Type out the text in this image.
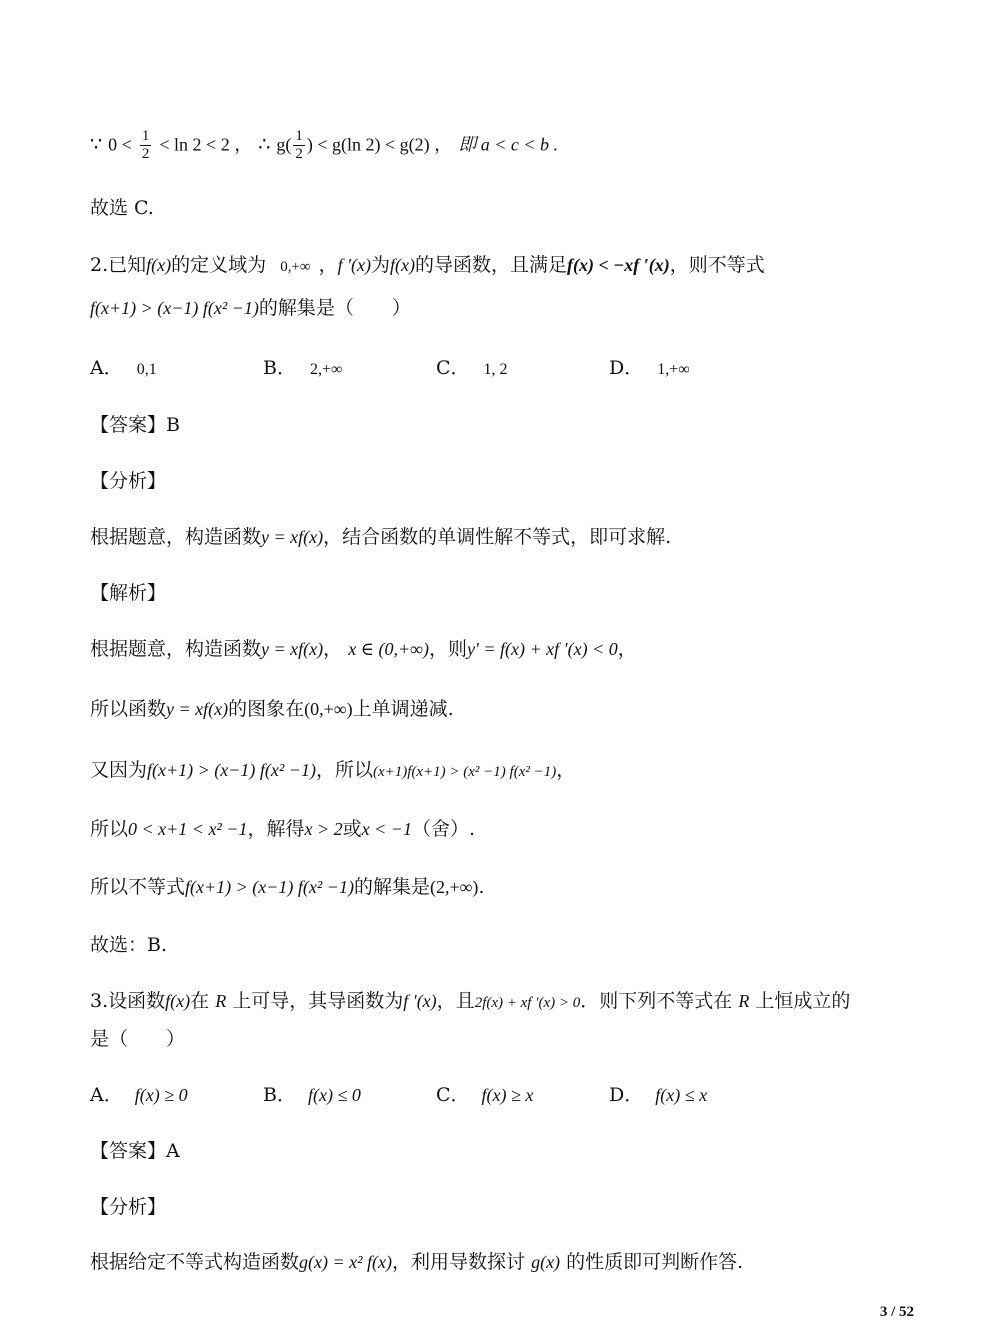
∵ $0 < \frac{1}{2} < \ln 2 < 2$ ， ∴ $g( \frac{1}{2}$ ) < g(ln 2) < g(2) ， 即 a < c < b .
故选 C.
2.已知f(x)的定义域为 0,+∞ ，f ′(x)为f(x)的导函数，且满足f(x) < −xf ′(x)，则不等式
f(x+1) > (x−1) f(x² −1)的解集是（　　）
A． 0,1	B． 2,+∞	C． 1, 2	D． 1,+∞
【答案】B
【分析】
根据题意，构造函数y = xf(x)，结合函数的单调性解不等式，即可求解.
【解析】
根据题意，构造函数y = xf(x)， x ∈ (0,+∞)，则y′ = f(x) + xf ′(x) < 0，
所以函数y = xf(x)的图象在(0,+∞)上单调递减.
又因为f(x+1) > (x−1) f(x² −1)，所以(x+1)f(x+1) > (x² −1) f(x² −1)，
所以0 < x+1 < x² −1，解得x > 2或x < −1（舍）.
所以不等式f(x+1) > (x−1) f(x² −1)的解集是(2,+∞).
故选：B.
3.设函数f(x)在 R 上可导，其导函数为f ′(x)，且2f(x) + xf ′(x) > 0．则下列不等式在 R 上恒成立的
是（　　）
A． f(x) ≥ 0	B． f(x) ≤ 0	C． f(x) ≥ x	D． f(x) ≤ x
【答案】A
【分析】
根据给定不等式构造函数g(x) = x² f(x)，利用导数探讨 g(x) 的性质即可判断作答.
3 / 52
